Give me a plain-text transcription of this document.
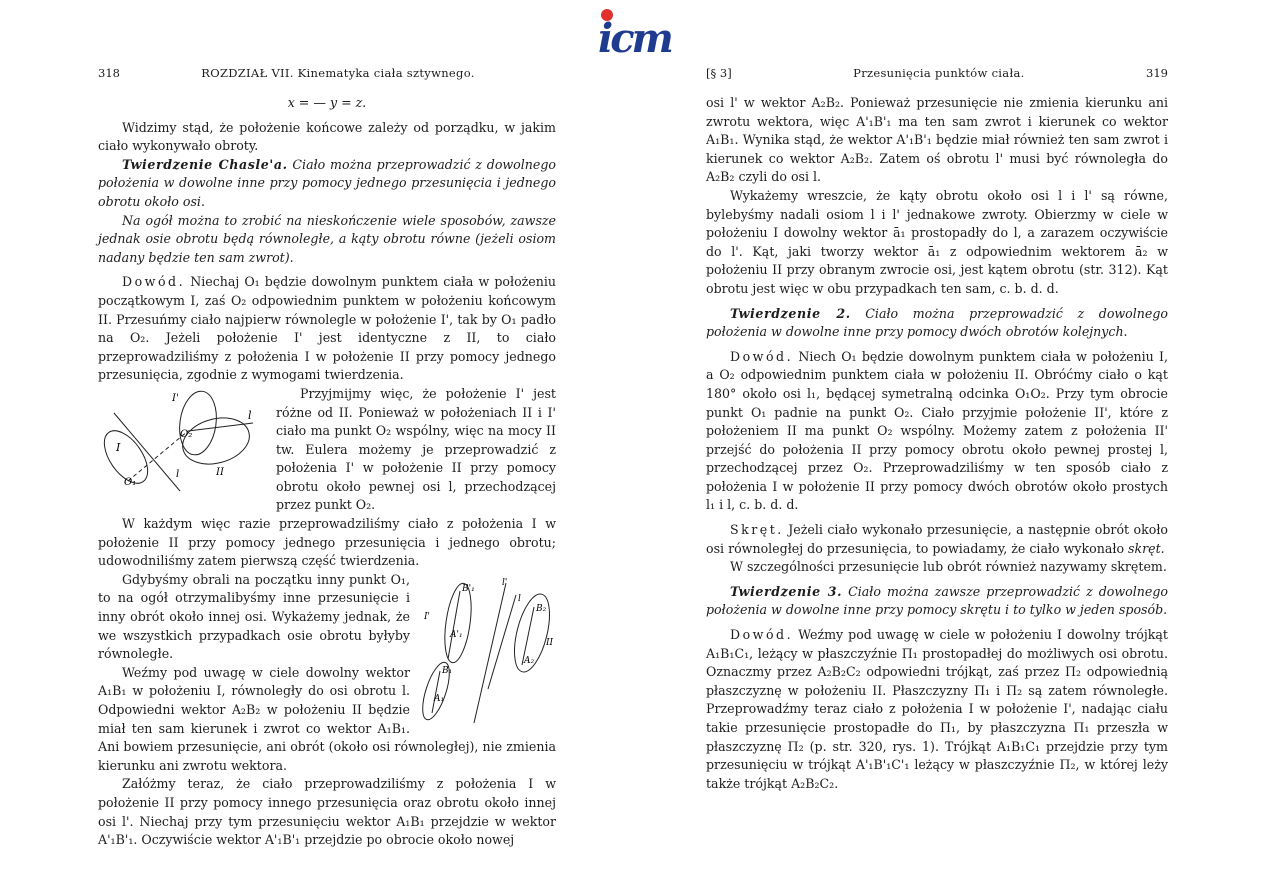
icm
318	ROZDZIAŁ VII. Kinematyka ciała sztywnego.
x = — y = z.

Widzimy stąd, że położenie końcowe zależy od porządku, w jakim ciało wykonywało obroty.

Twierdzenie Chasle'a. Ciało można przeprowadzić z dowolnego położenia w dowolne inne przy pomocy jednego przesunięcia i jednego obrotu około osi.

Na ogół można to zrobić na nieskończenie wiele sposobów, zawsze jednak osie obrotu będą równoległe, a kąty obrotu równe (jeżeli osiom nadany będzie ten sam zwrot).

Dowód. Niechaj O₁ będzie dowolnym punktem ciała w położeniu początkowym I, zaś O₂ odpowiednim punktem w położeniu końcowym II. Przesuńmy ciało najpierw równolegle w położenie I', tak by O₁ padło na O₂. Jeżeli położenie I' jest identyczne z II, to ciało przeprowadziliśmy z położenia I w położenie II przy pomocy jednego przesunięcia, zgodnie z wymogami twierdzenia.

I
I'
II
l
l
O₁
O₂

Przyjmijmy więc, że położenie I' jest różne od II. Ponieważ w położeniach II i I' ciało ma punkt O₂ wspólny, więc na mocy II tw. Eulera możemy je przeprowadzić z położenia I' w położenie II przy pomocy obrotu około pewnej osi l, przechodzącej przez punkt O₂.

W każdym więc razie przeprowadziliśmy ciało z położenia I w położenie II przy pomocy jednego przesunięcia i jednego obrotu; udowodniliśmy zatem pierwszą część twierdzenia.

B'₁
A'₁
B₁
A₁
B₂
A₂
l'
l
I'
II

Gdybyśmy obrali na początku inny punkt O₁, to na ogół otrzymalibyśmy inne przesunięcie i inny obrót około innej osi. Wykażemy jednak, że we wszystkich przypadkach osie obrotu byłyby równoległe.

Weźmy pod uwagę w ciele dowolny wektor A₁B₁ w położeniu I, równoległy do osi obrotu l. Odpowiedni wektor A₂B₂ w położeniu II będzie miał ten sam kierunek i zwrot co wektor A₁B₁. Ani bowiem przesunięcie, ani obrót (około osi równoległej), nie zmienia kierunku ani zwrotu wektora.

Załóżmy teraz, że ciało przeprowadziliśmy z położenia I w położenie II przy pomocy innego przesunięcia oraz obrotu około innej osi l'. Niechaj przy tym przesunięciu wektor A₁B₁ przejdzie w wektor A'₁B'₁. Oczywiście wektor A'₁B'₁ przejdzie po obrocie około nowej

[§ 3]	Przesunięcia punktów ciała.	319

osi l' w wektor A₂B₂. Ponieważ przesunięcie nie zmienia kierunku ani zwrotu wektora, więc A'₁B'₁ ma ten sam zwrot i kierunek co wektor A₁B₁. Wynika stąd, że wektor A'₁B'₁ będzie miał również ten sam zwrot i kierunek co wektor A₂B₂. Zatem oś obrotu l' musi być równoległa do A₂B₂ czyli do osi l.

Wykażemy wreszcie, że kąty obrotu około osi l i l' są równe, bylebyśmy nadali osiom l i l' jednakowe zwroty. Obierzmy w ciele w położeniu I dowolny wektor ā₁ prostopadły do l, a zarazem oczywiście do l'. Kąt, jaki tworzy wektor ā₁ z odpowiednim wektorem ā₂ w położeniu II przy obranym zwrocie osi, jest kątem obrotu (str. 312). Kąt obrotu jest więc w obu przypadkach ten sam, c. b. d. d.

Twierdzenie 2. Ciało można przeprowadzić z dowolnego położenia w dowolne inne przy pomocy dwóch obrotów kolejnych.

Dowód. Niech O₁ będzie dowolnym punktem ciała w położeniu I, a O₂ odpowiednim punktem ciała w położeniu II. Obróćmy ciało o kąt 180° około osi l₁, będącej symetralną odcinka O₁O₂. Przy tym obrocie punkt O₁ padnie na punkt O₂. Ciało przyjmie położenie II', które z położeniem II ma punkt O₂ wspólny. Możemy zatem z położenia II' przejść do położenia II przy pomocy obrotu około pewnej prostej l, przechodzącej przez O₂. Przeprowadziliśmy w ten sposób ciało z położenia I w położenie II przy pomocy dwóch obrotów około prostych l₁ i l, c. b. d. d.

Skręt. Jeżeli ciało wykonało przesunięcie, a następnie obrót około osi równoległej do przesunięcia, to powiadamy, że ciało wykonało skręt.

W szczególności przesunięcie lub obrót również nazywamy skrętem.

Twierdzenie 3. Ciało można zawsze przeprowadzić z dowolnego położenia w dowolne inne przy pomocy skrętu i to tylko w jeden sposób.

Dowód. Weźmy pod uwagę w ciele w położeniu I dowolny trójkąt A₁B₁C₁, leżący w płaszczyźnie Π₁ prostopadłej do możliwych osi obrotu. Oznaczmy przez A₂B₂C₂ odpowiedni trójkąt, zaś przez Π₂ odpowiednią płaszczyznę w położeniu II. Płaszczyzny Π₁ i Π₂ są zatem równoległe. Przeprowadźmy teraz ciało z położenia I w położenie I', nadając ciału takie przesunięcie prostopadłe do Π₁, by płaszczyzna Π₁ przeszła w płaszczyznę Π₂ (p. str. 320, rys. 1). Trójkąt A₁B₁C₁ przejdzie przy tym przesunięciu w trójkąt A'₁B'₁C'₁ leżący w płaszczyźnie Π₂, w której leży także trójkąt A₂B₂C₂.
